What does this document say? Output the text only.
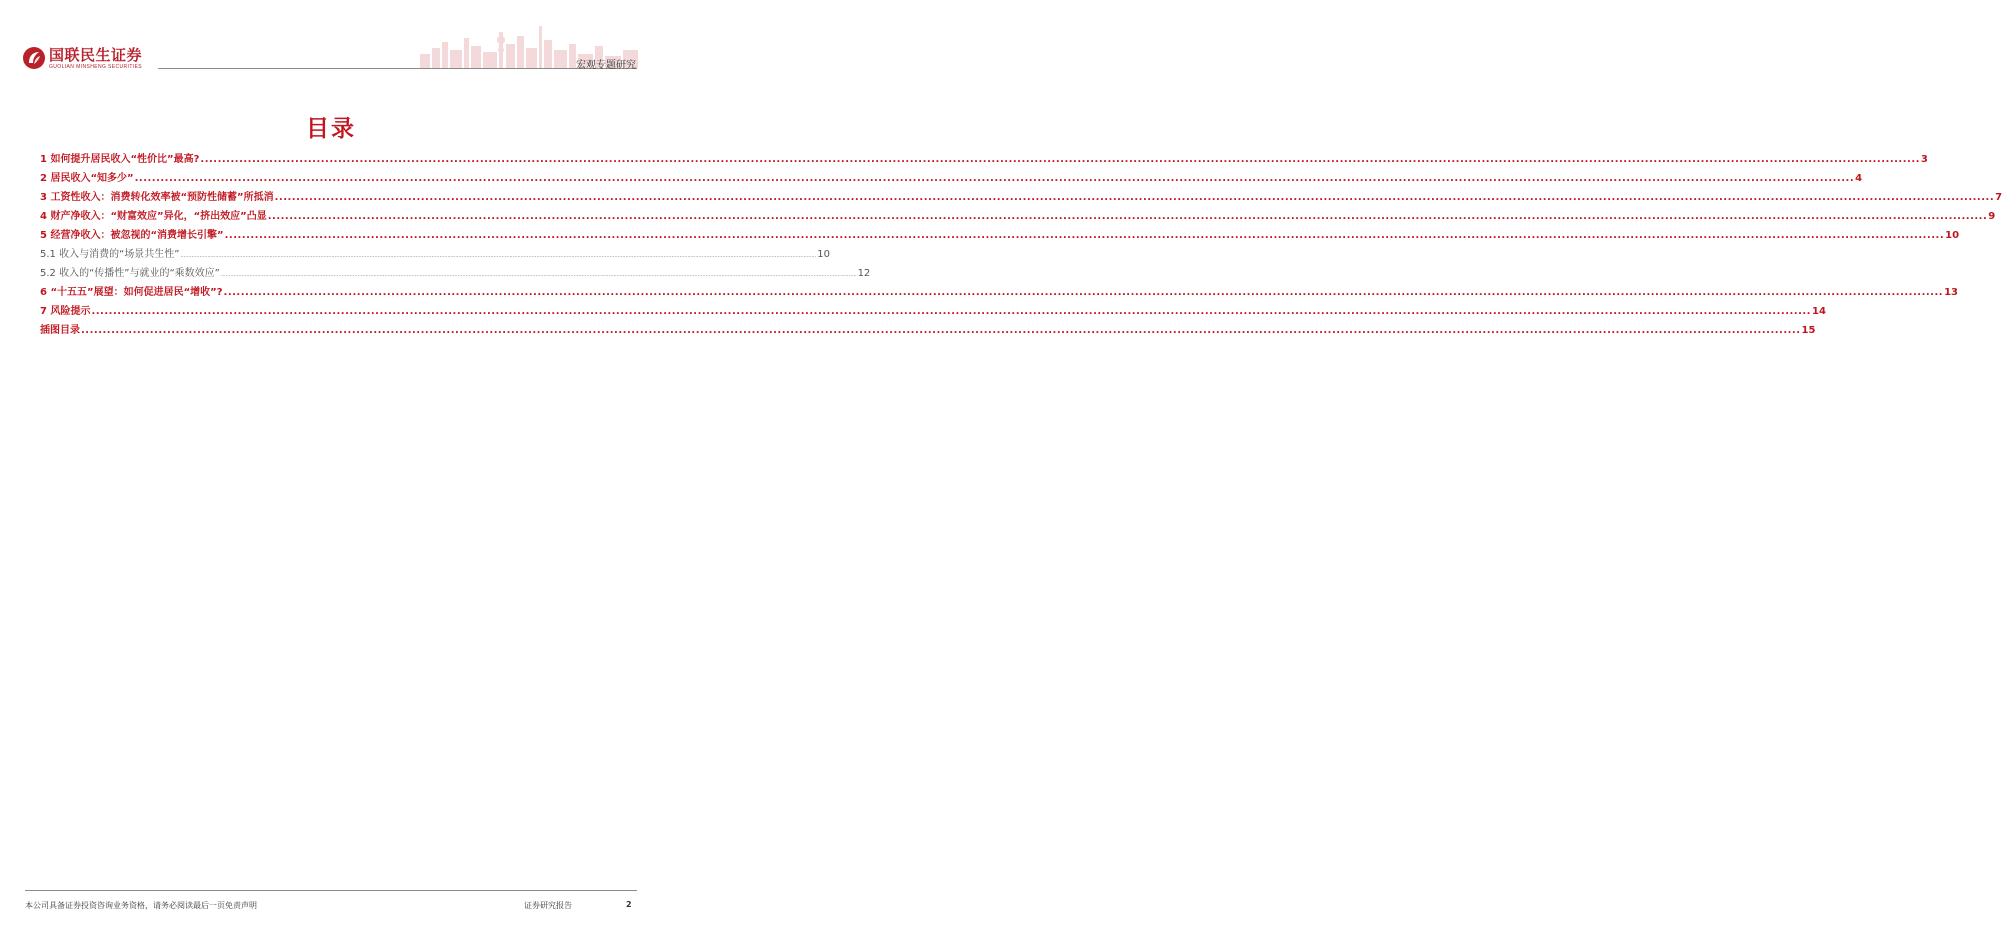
国联民生证券
GUOLIAN MINSHENG SECURITIES	宏观专题研究
目录
1 如何提升居民收入“性价比”最高? ................................................................................................................................................................................................................................................................................................................................................................................................................ 3
2 居民收入“知多少” ................................................................................................................................................................................................................................................................................................................................................................................................................ 4
3 工资性收入：消费转化效率被“预防性储蓄”所抵消 ................................................................................................................................................................................................................................................................................................................................................................................................................ 7
4 财产净收入：“财富效应”异化，“挤出效应”凸显 ................................................................................................................................................................................................................................................................................................................................................................................................................ 9
5 经营净收入：被忽视的“消费增长引擎” ................................................................................................................................................................................................................................................................................................................................................................................................................ 10
5.1 收入与消费的“场景共生性” ................................................................................................................................................................................................................................................................................................................................................................................................................ 10
5.2 收入的“传播性”与就业的“乘数效应” ................................................................................................................................................................................................................................................................................................................................................................................................................ 12
6 “十五五”展望：如何促进居民“增收”? ................................................................................................................................................................................................................................................................................................................................................................................................................ 13
7 风险提示 ................................................................................................................................................................................................................................................................................................................................................................................................................ 14
插图目录 ................................................................................................................................................................................................................................................................................................................................................................................................................ 15
本公司具备证券投资咨询业务资格，请务必阅读最后一页免责声明	证券研究报告	2
